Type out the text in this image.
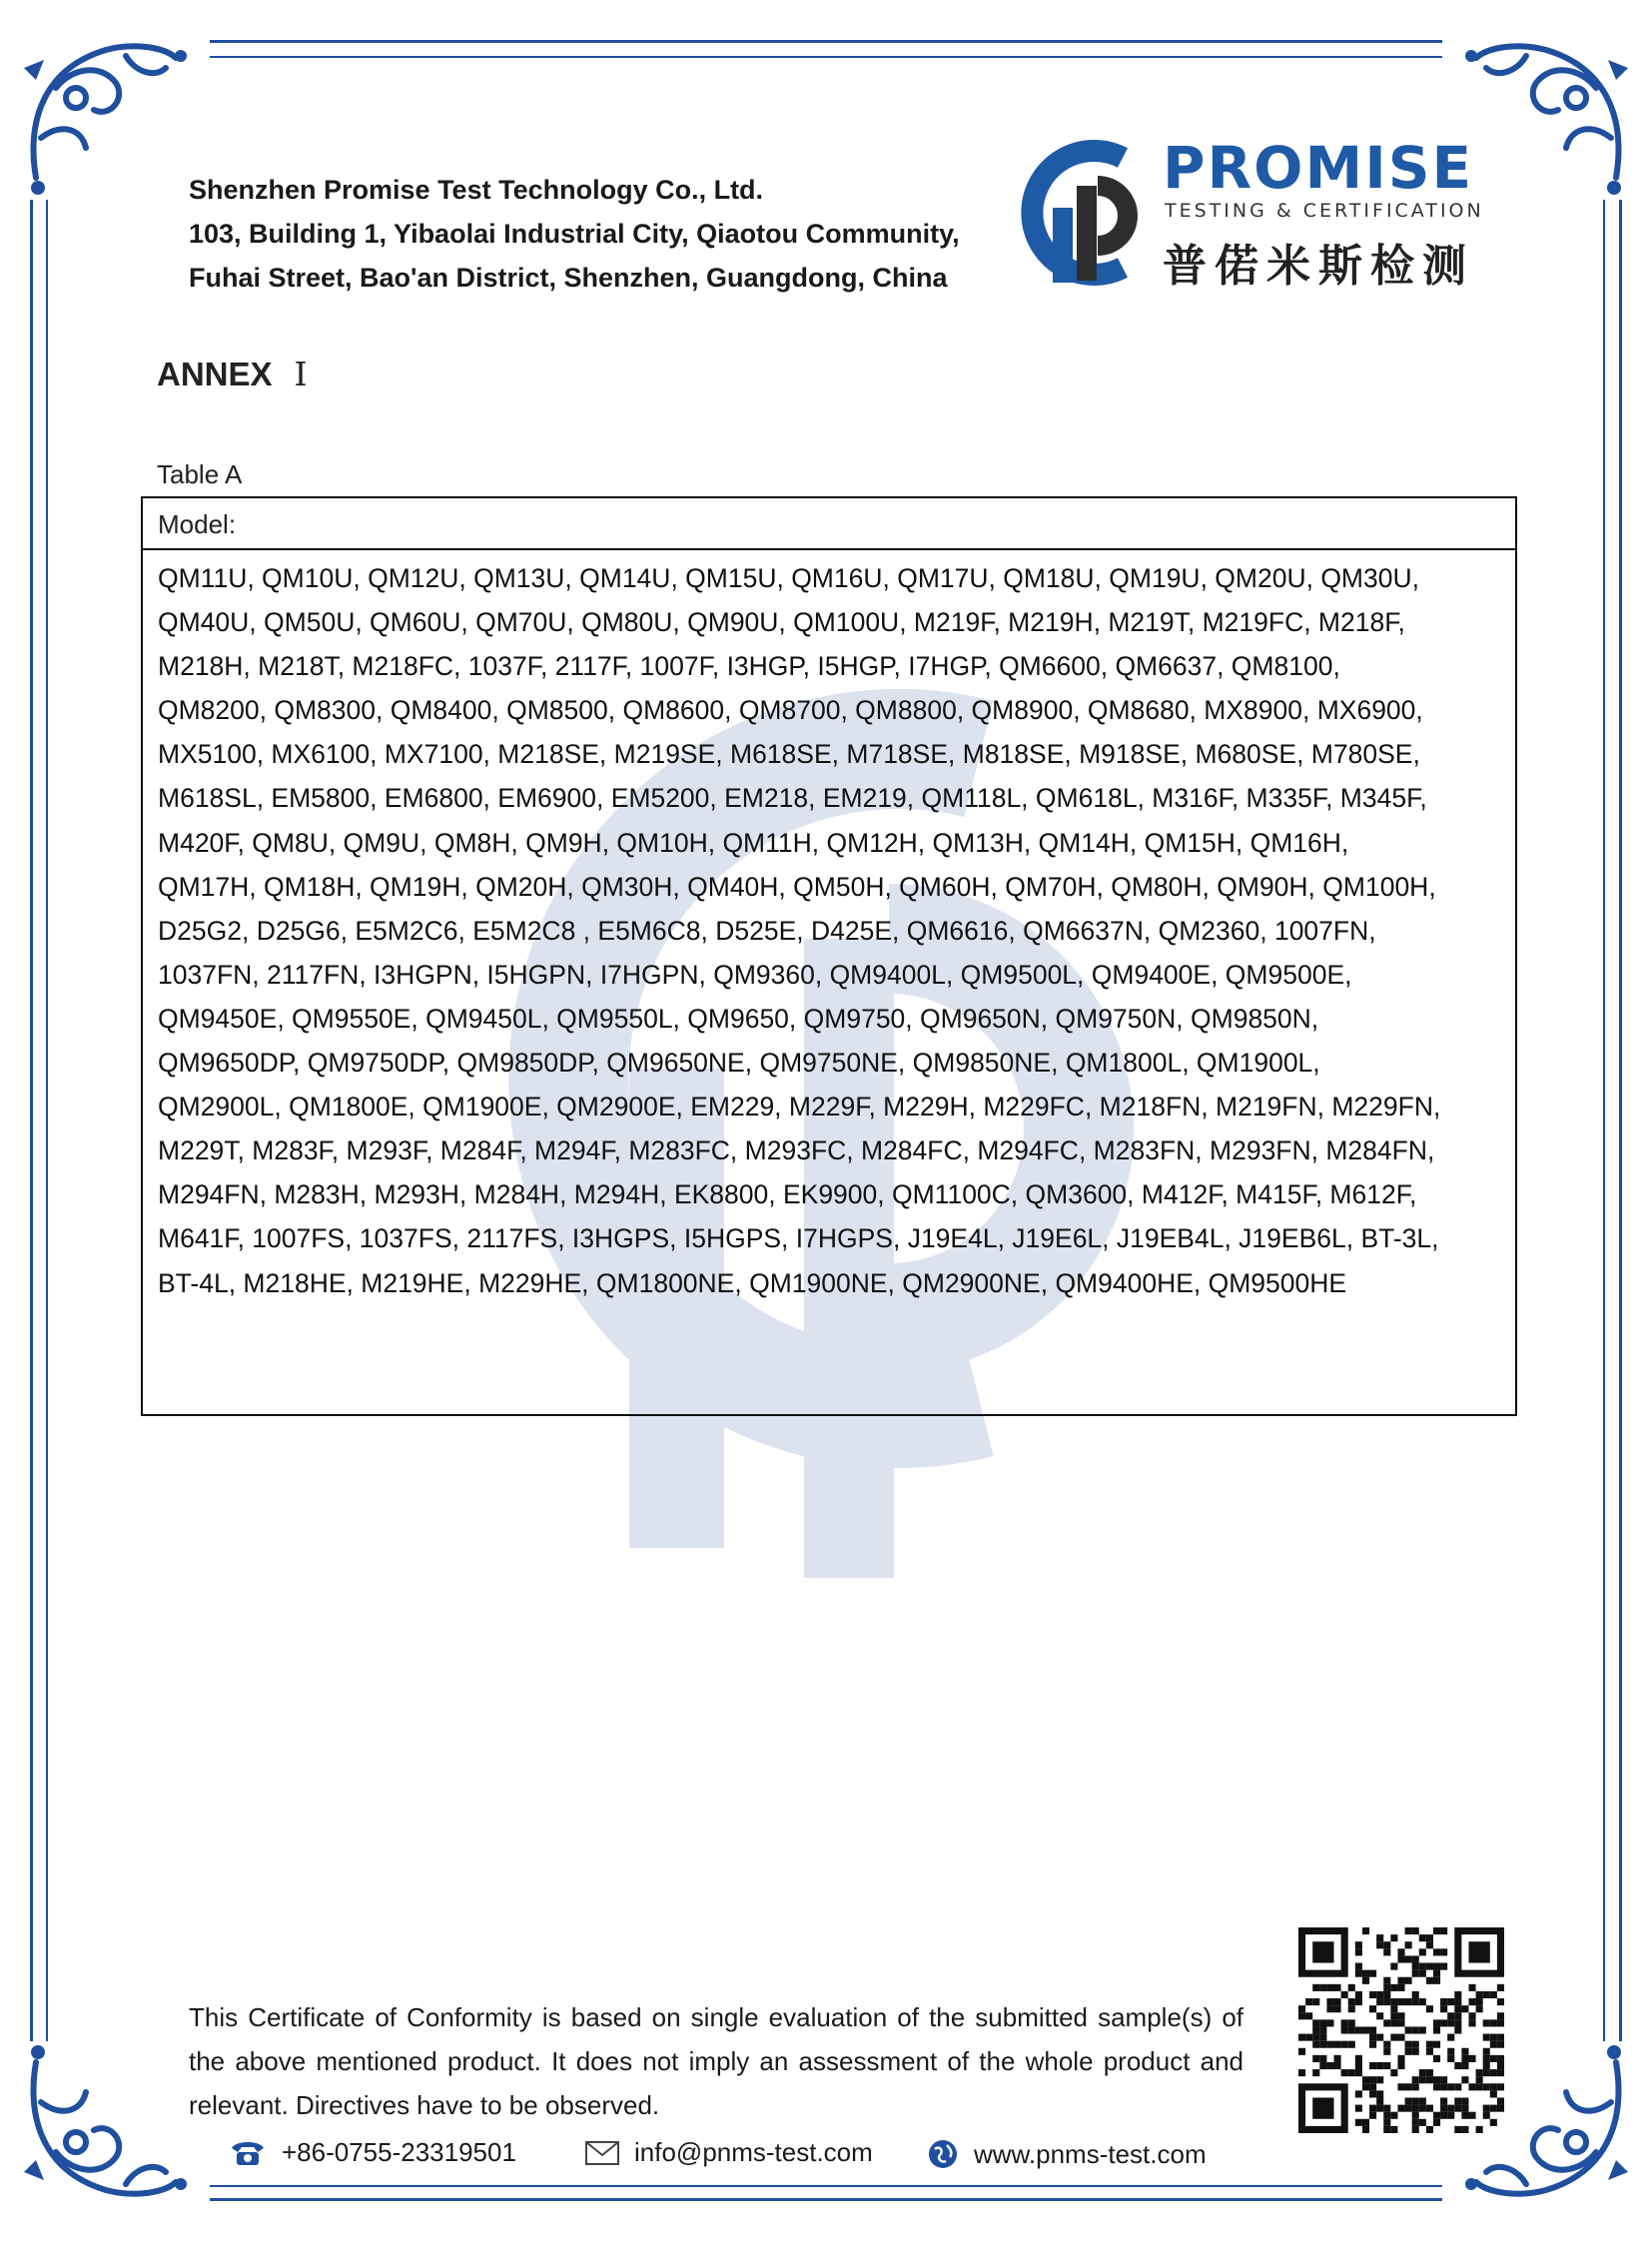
Shenzhen Promise Test Technology Co., Ltd.
103, Building 1, Yibaolai Industrial City, Qiaotou Community,
Fuhai Street, Bao'an District, Shenzhen, Guangdong, China
PROMISE
TESTING & CERTIFICATION
普偌米斯检测
ANNEX Ⅰ
Table A
Model:
QM11U, QM10U, QM12U, QM13U, QM14U, QM15U, QM16U, QM17U, QM18U, QM19U, QM20U, QM30U,
QM40U, QM50U, QM60U, QM70U, QM80U, QM90U, QM100U, M219F, M219H, M219T, M219FC, M218F,
M218H, M218T, M218FC, 1037F, 2117F, 1007F, I3HGP, I5HGP, I7HGP, QM6600, QM6637, QM8100,
QM8200, QM8300, QM8400, QM8500, QM8600, QM8700, QM8800, QM8900, QM8680, MX8900, MX6900,
MX5100, MX6100, MX7100, M218SE, M219SE, M618SE, M718SE, M818SE, M918SE, M680SE, M780SE,
M618SL, EM5800, EM6800, EM6900, EM5200, EM218, EM219, QM118L, QM618L, M316F, M335F, M345F,
M420F, QM8U, QM9U, QM8H, QM9H, QM10H, QM11H, QM12H, QM13H, QM14H, QM15H, QM16H,
QM17H, QM18H, QM19H, QM20H, QM30H, QM40H, QM50H, QM60H, QM70H, QM80H, QM90H, QM100H,
D25G2, D25G6, E5M2C6, E5M2C8 , E5M6C8, D525E, D425E, QM6616, QM6637N, QM2360, 1007FN,
1037FN, 2117FN, I3HGPN, I5HGPN, I7HGPN, QM9360, QM9400L, QM9500L, QM9400E, QM9500E,
QM9450E, QM9550E, QM9450L, QM9550L, QM9650, QM9750, QM9650N, QM9750N, QM9850N,
QM9650DP, QM9750DP, QM9850DP, QM9650NE, QM9750NE, QM9850NE, QM1800L, QM1900L,
QM2900L, QM1800E, QM1900E, QM2900E, EM229, M229F, M229H, M229FC, M218FN, M219FN, M229FN,
M229T, M283F, M293F, M284F, M294F, M283FC, M293FC, M284FC, M294FC, M283FN, M293FN, M284FN,
M294FN, M283H, M293H, M284H, M294H, EK8800, EK9900, QM1100C, QM3600, M412F, M415F, M612F,
M641F, 1007FS, 1037FS, 2117FS, I3HGPS, I5HGPS, I7HGPS, J19E4L, J19E6L, J19EB4L, J19EB6L, BT-3L,
BT-4L, M218HE, M219HE, M229HE, QM1800NE, QM1900NE, QM2900NE, QM9400HE, QM9500HE
This Certificate of Conformity is based on single evaluation of the submitted sample(s) of the above mentioned product. It does not imply an assessment of the whole product and relevant. Directives have to be observed.
+86-0755-23319501	info@pnms-test.com	www.pnms-test.com
